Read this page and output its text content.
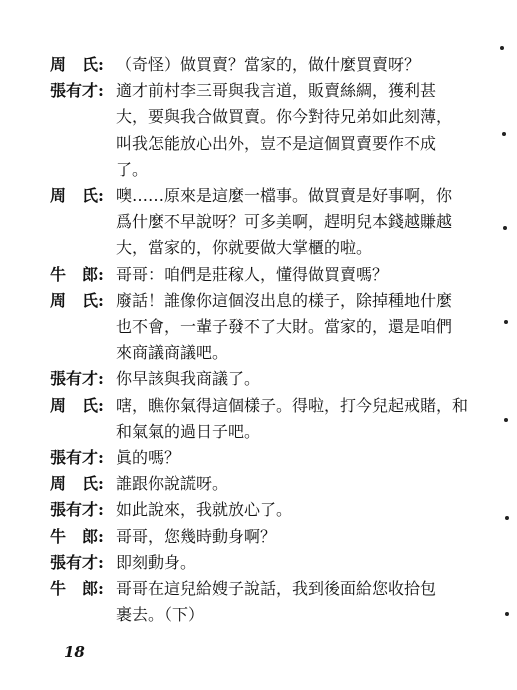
周　氏: （奇怪）做買賣？當家的，做什麼買賣呀？
張有才: 適才前村李三哥與我言道，販賣絲綢，獲利甚
大，要與我合做買賣。你今對待兄弟如此刻薄，
叫我怎能放心出外，豈不是這個買賣要作不成
了。
周　氏: 噢……原來是這麼一檔事。做買賣是好事啊，你
爲什麼不早說呀？可多美啊，趕明兒本錢越賺越
大，當家的，你就要做大掌櫃的啦。
牛　郎: 哥哥：咱們是莊稼人，懂得做買賣嗎？
周　氏: 廢話！誰像你這個沒出息的樣子，除掉種地什麼
也不會，一輩子發不了大財。當家的，還是咱們
來商議商議吧。
張有才: 你早該與我商議了。
周　氏: 嗐，瞧你氣得這個樣子。得啦，打今兒起戒賭，和
和氣氣的過日子吧。
張有才: 眞的嗎？
周　氏: 誰跟你說謊呀。
張有才: 如此說來，我就放心了。
牛　郎: 哥哥，您幾時動身啊？
張有才: 即刻動身。
牛　郎: 哥哥在這兒給嫂子說話，我到後面給您收拾包
裹去。（下）
18
